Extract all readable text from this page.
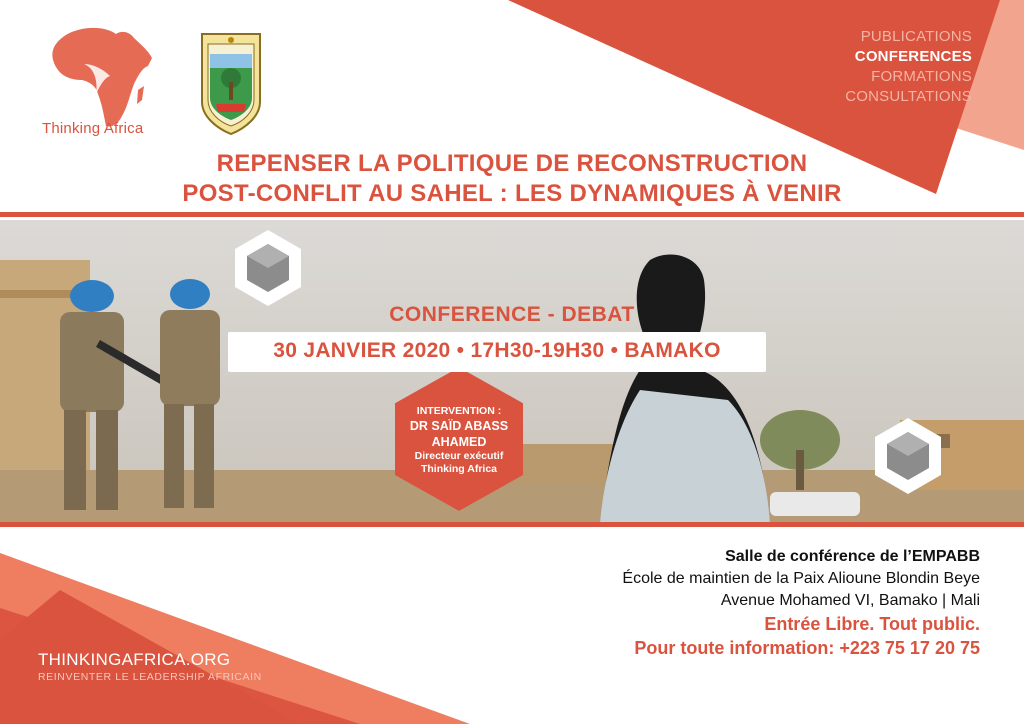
Thinking Africa
PUBLICATIONS
CONFERENCES
FORMATIONS
CONSULTATIONS
REPENSER LA POLITIQUE DE RECONSTRUCTION
POST-CONFLIT AU SAHEL : LES DYNAMIQUES À VENIR
CONFERENCE - DEBAT
30 JANVIER 2020 • 17H30-19H30 • BAMAKO
INTERVENTION :
DR SAÏD ABASS
AHAMED
Directeur exécutif
Thinking Africa
Salle de conférence de l’EMPABB
École de maintien de la Paix Alioune Blondin Beye
Avenue Mohamed VI, Bamako | Mali
Entrée Libre. Tout public.
Pour toute information: +223 75 17 20 75
THINKINGAFRICA.ORG
REINVENTER LE LEADERSHIP AFRICAIN
